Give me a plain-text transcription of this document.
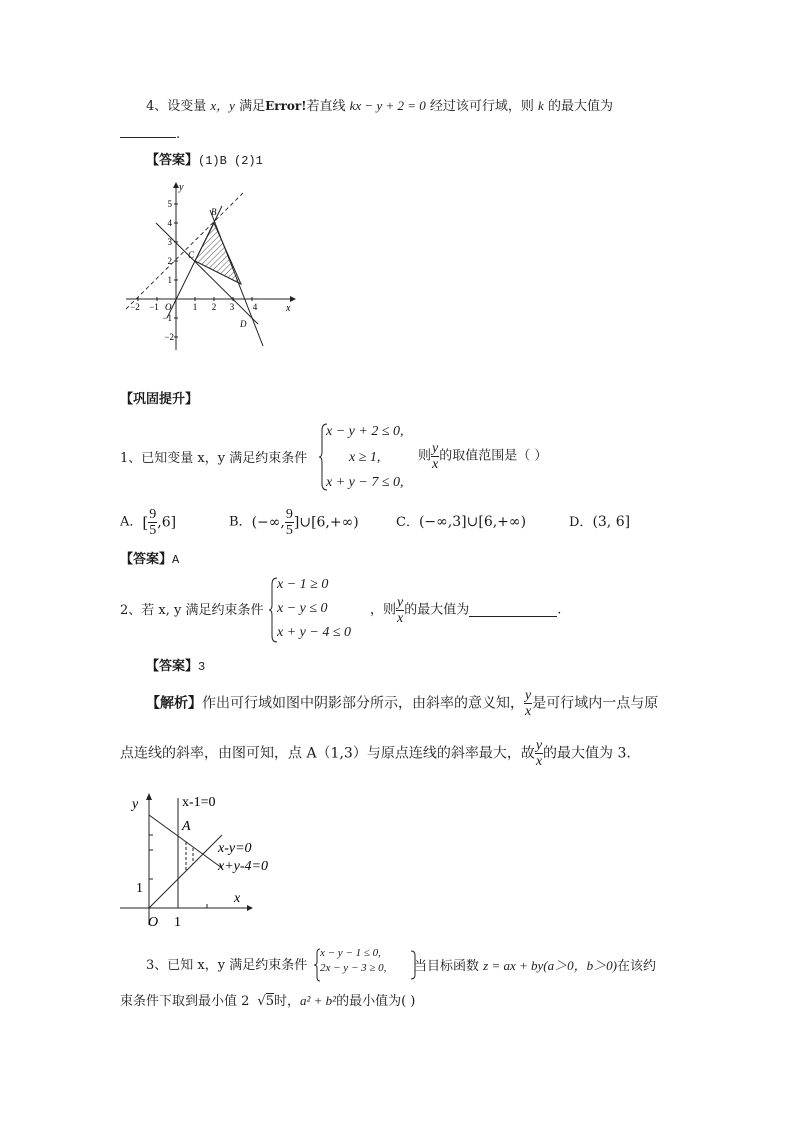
4、设变量 x，y 满足Error!若直线 kx − y + 2 = 0 经过该可行域，则 k 的最大值为
.
【答案】(1)B (2)1
y
x
O
5
4
3
2
1
−1
−2
−2 −1	1 2 3 4
B
C
D
【巩固提升】
1、已知变量 x，y 满足约束条件
x − y + 2 ≤ 0,
x ≥ 1,
x + y − 7 ≤ 0,
则 $\frac{y}{x}$ 的取值范围是（ ）
A．[ $\frac{9}{5} ,6$]	B．(−∞, $\frac{9}{5}$ ]∪[6,+∞)	C．(−∞,3]∪[6,+∞)	D．(3, 6]
【答案】A
2、若 x, y 满足约束条件
x − 1 ≥ 0
x − y ≤ 0
x + y − 4 ≤ 0
，则 $\frac{y}{x}$ 的最大值为	.
【答案】3
【解析】作出可行域如图中阴影部分所示，由斜率的意义知， $\frac{y}{x}$ 是可行域内一点与原
点连线的斜率，由图可知，点 A（1,3）与原点连线的斜率最大，故 $\frac{y}{x}$ 的最大值为 3.
y
x
O 1
1
A
x-1=0
x-y=0
x+y-4=0
3、已知 x，y 满足约束条件
x − y − 1 ≤ 0,
2x − y − 3 ≥ 0, 当目标函数 z = ax + by(a＞0，b＞0)在该约
束条件下取到最小值 2 √5时，a² + b²的最小值为( )
